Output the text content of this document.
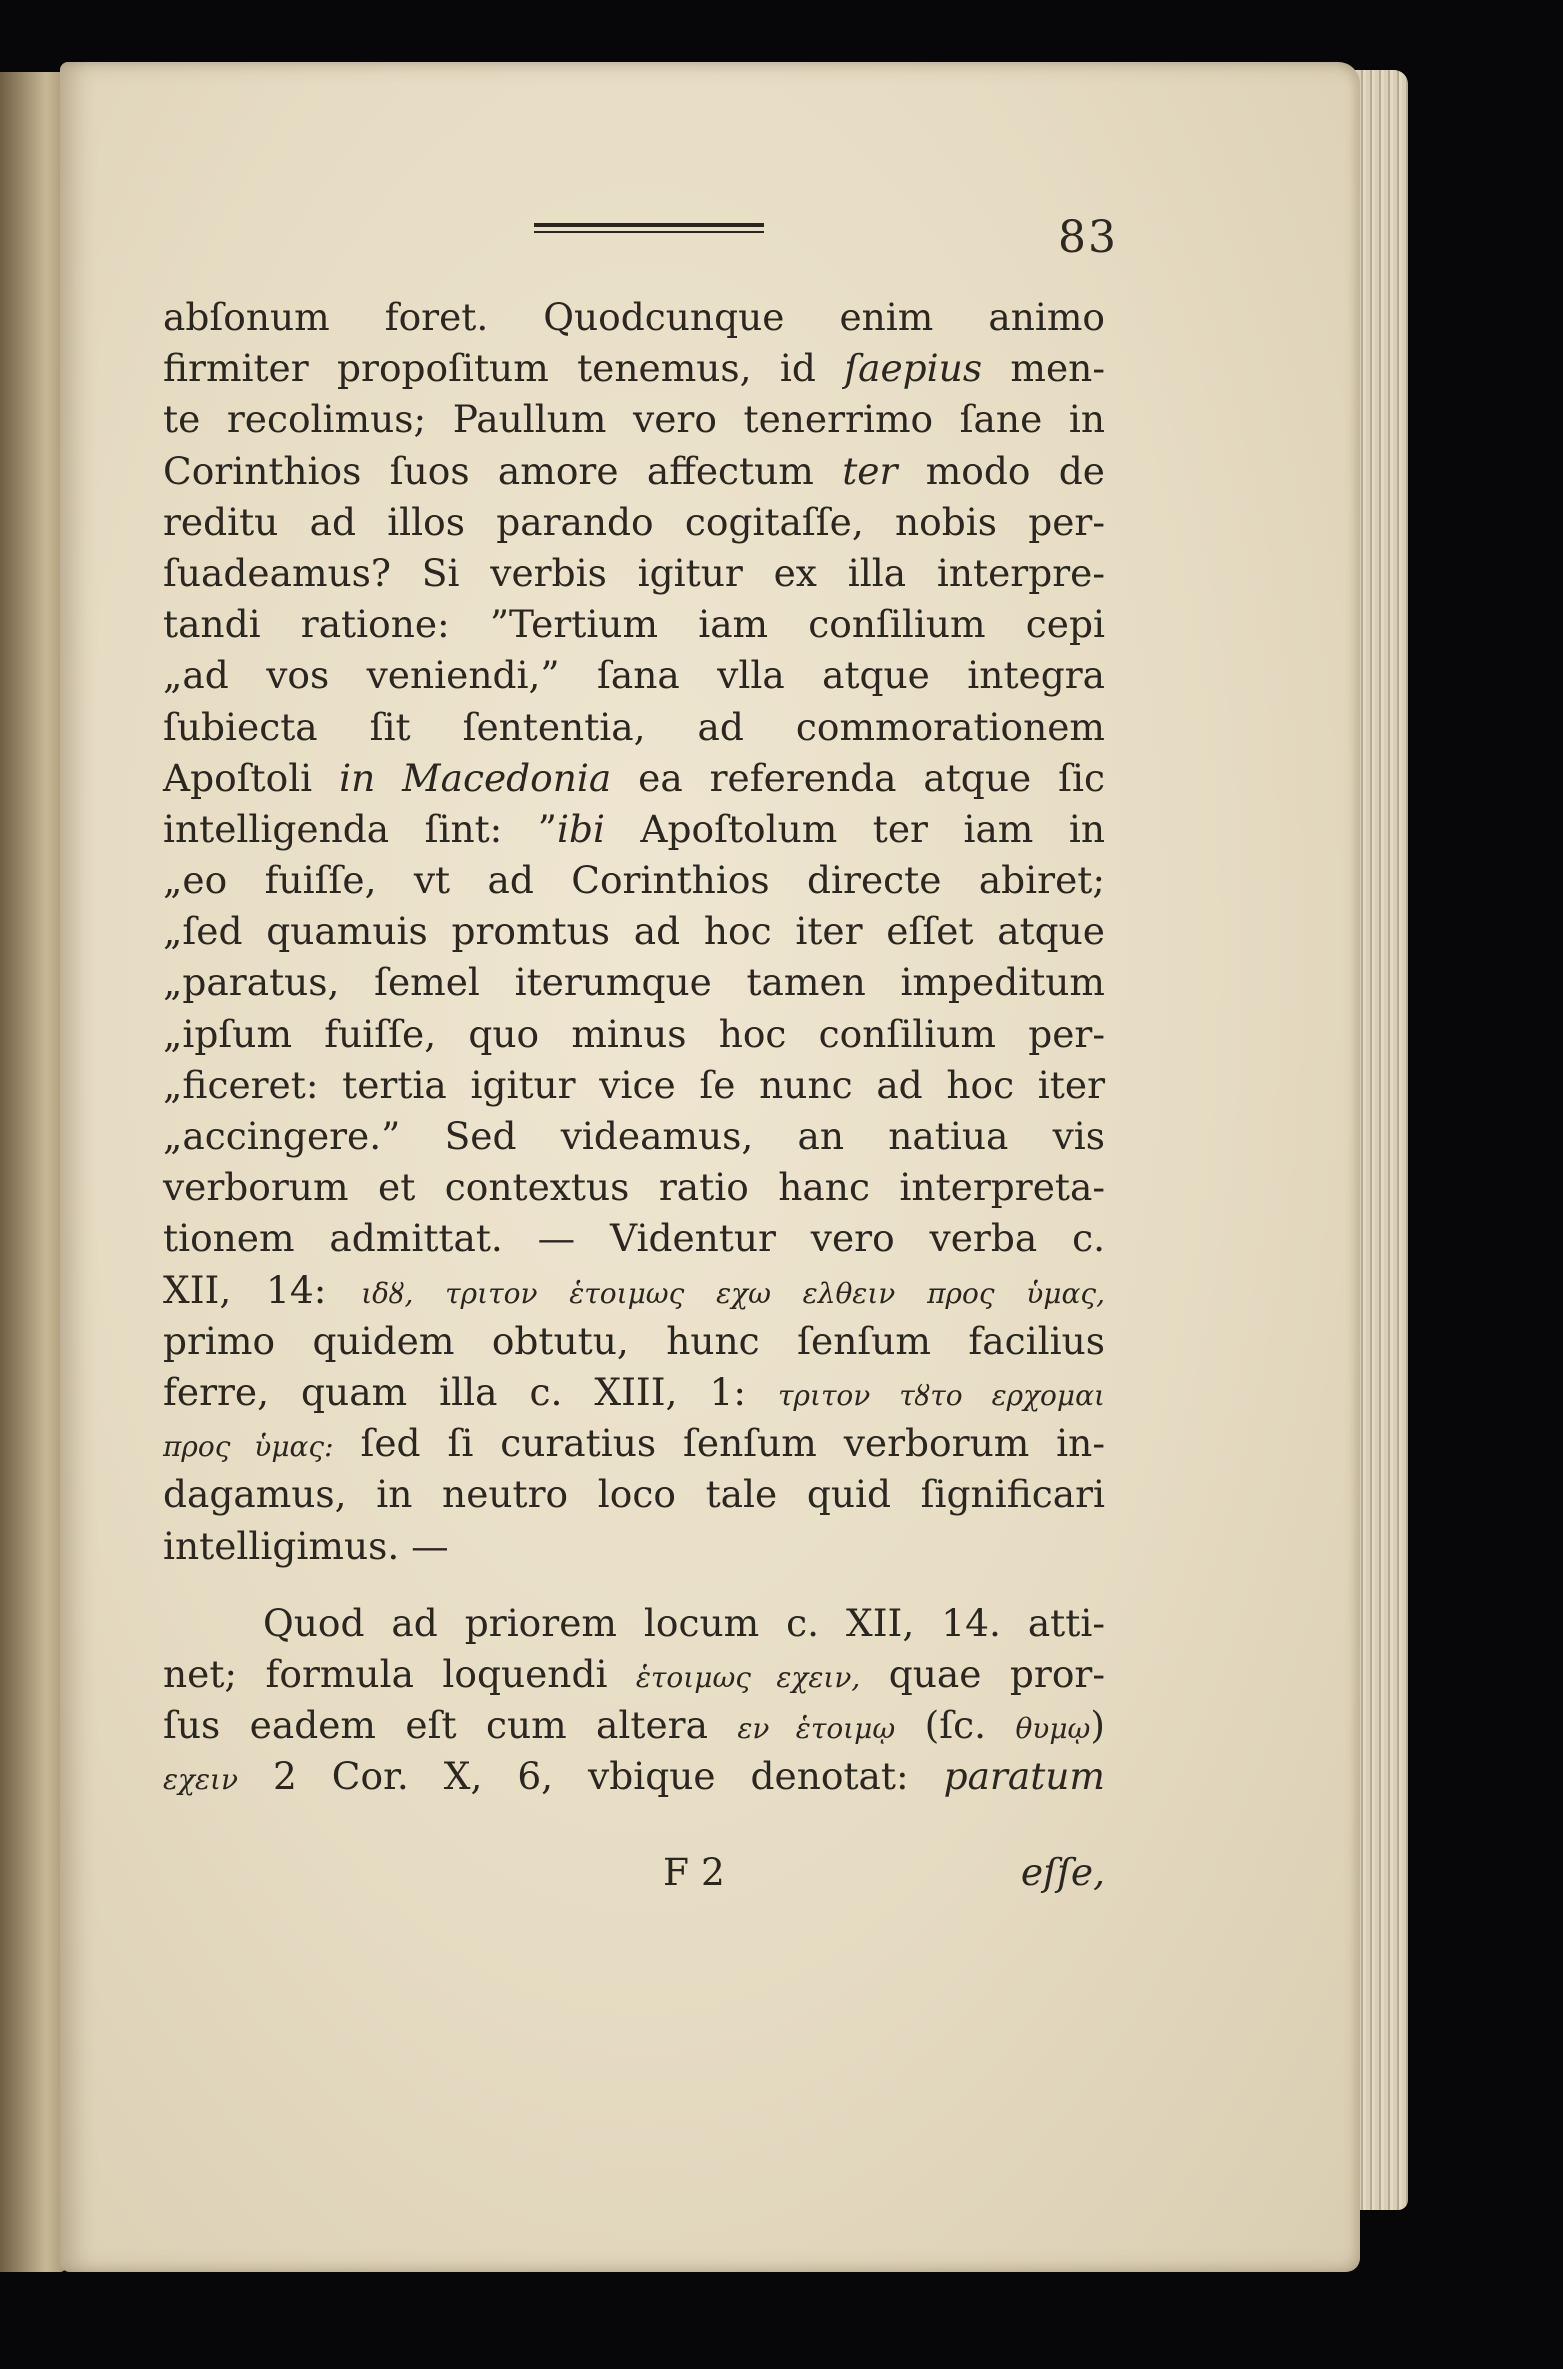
83
abſonum foret. Quodcunque enim animo
firmiter propoſitum tenemus, id ſaepius men-
te recolimus; Paullum vero tenerrimo ſane in
Corinthios ſuos amore affectum ter modo de
reditu ad illos parando cogitaſſe, nobis per-
ſuadeamus? Si verbis igitur ex illa interpre-
tandi ratione: ”Tertium iam conſilium cepi
„ad vos veniendi,” ſana vlla atque integra
ſubiecta ſit ſententia, ad commorationem
Apoſtoli in Macedonia ea referenda atque ſic
intelligenda ſint: ”ibi Apoſtolum ter iam in
„eo fuiſſe, vt ad Corinthios directe abiret;
„ſed quamuis promtus ad hoc iter eſſet atque
„paratus, ſemel iterumque tamen impeditum
„ipſum fuiſſe, quo minus hoc conſilium per-
„ficeret: tertia igitur vice ſe nunc ad hoc iter
„accingere.” Sed videamus, an natiua vis
verborum et contextus ratio hanc interpreta-
tionem admittat. — Videntur vero verba c.
XII, 14: ιδȣ, τριτον ἑτοιμως εχω ελθειν προς ὑμας,
primo quidem obtutu, hunc ſenſum facilius
ferre, quam illa c. XIII, 1: τριτον τȣτο ερχομαι
προς ὑμας: ſed ſi curatius ſenſum verborum in-
dagamus, in neutro loco tale quid ſignificari
intelligimus. —
Quod ad priorem locum c. XII, 14. atti-
net; formula loquendi ἑτοιμως εχειν, quae pror-
ſus eadem eſt cum altera εν ἑτοιμῳ (ſc. θυμῳ)
εχειν 2 Cor. X, 6, vbique denotat: paratum
F 2	eſſe,
